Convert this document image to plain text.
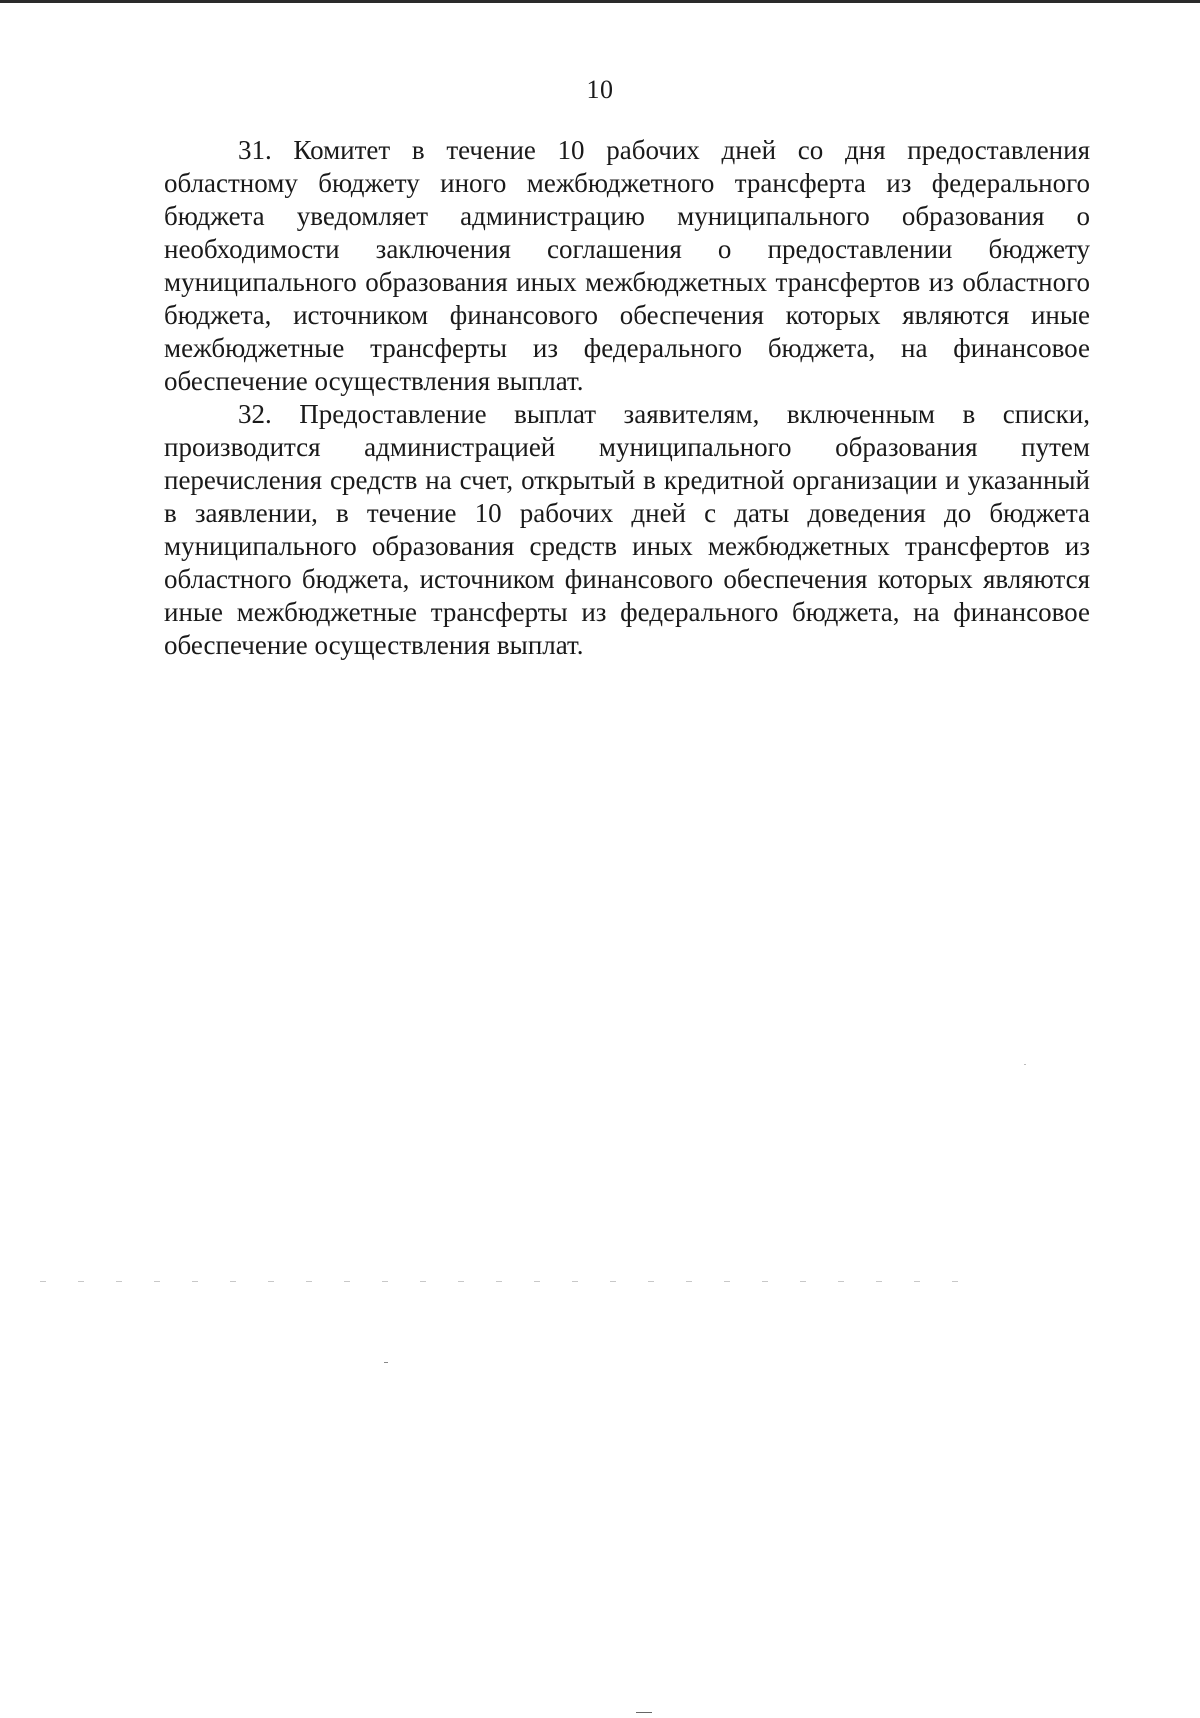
10

31. Комитет в течение 10 рабочих дней со дня предоставления областному бюджету иного межбюджетного трансферта из федерального бюджета уведомляет администрацию муниципального образования о необходимости заключения соглашения о предоставлении бюджету муниципального образования иных межбюджетных трансфертов из областного бюджета, источником финансового обеспечения которых являются иные межбюджетные трансферты из федерального бюджета, на финансовое обеспечение осуществления выплат.

32. Предоставление выплат заявителям, включенным в списки, производится администрацией муниципального образования путем перечисления средств на счет, открытый в кредитной организации и указанный в заявлении, в течение 10 рабочих дней с даты доведения до бюджета муниципального образования средств иных межбюджетных трансфертов из областного бюджета, источником финансового обеспечения которых являются иные межбюджетные трансферты из федерального бюджета, на финансовое обеспечение осуществления выплат.
